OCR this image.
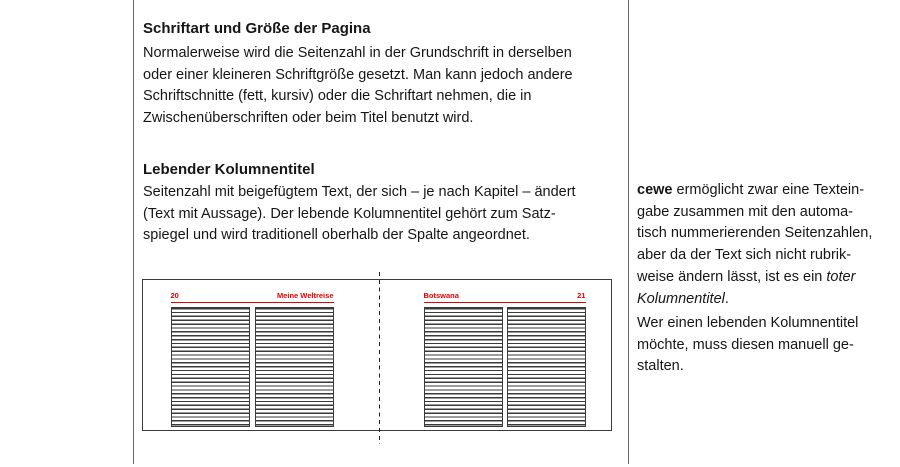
Schriftart und Größe der Pagina
Normalerweise wird die Seitenzahl in der Grundschrift in derselben
oder einer kleineren Schriftgröße gesetzt. Man kann jedoch andere
Schriftschnitte (fett, kursiv) oder die Schriftart nehmen, die in
Zwischenüberschriften oder beim Titel benutzt wird.
Lebender Kolumnentitel
Seitenzahl mit beigefügtem Text, der sich – je nach Kapitel – ändert
(Text mit Aussage). Der lebende Kolumnentitel gehört zum Satz-
spiegel und wird traditionell oberhalb der Spalte angeordnet.
20	Meine Weltreise	Botswana	21
cewe ermöglicht zwar eine Textein-
gabe zusammen mit den automa-
tisch nummerierenden Seitenzahlen,
aber da der Text sich nicht rubrik-
weise ändern lässt, ist es ein toter
Kolumnentitel.
Wer einen lebenden Kolumnentitel
möchte, muss diesen manuell ge-
stalten.
